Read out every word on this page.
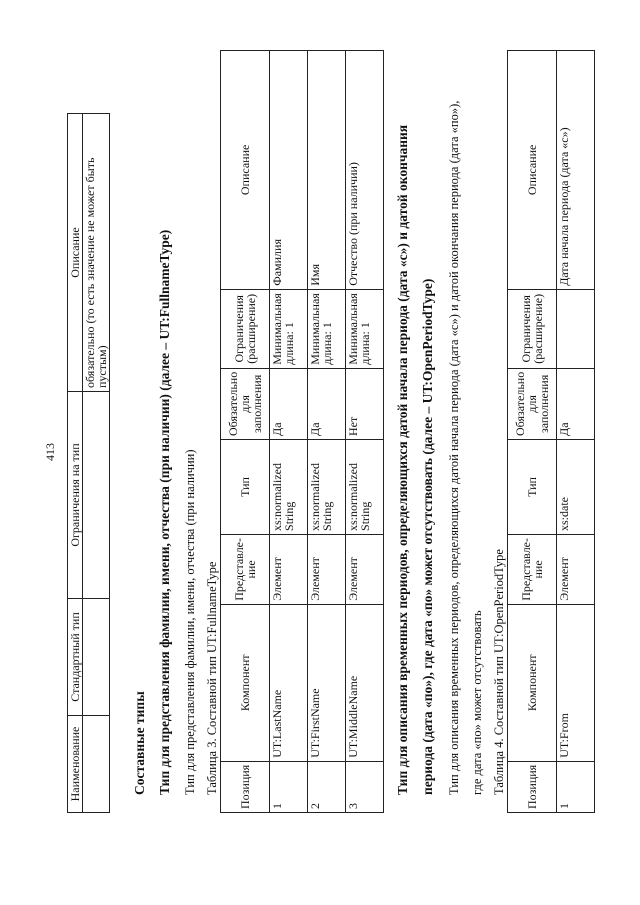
413
Наименование	Стандартный тип	Ограничения на тип	Описание
			обязательно (то есть значение не может быть пустым)
Составные типы Тип для представления фамилии, имени, отчества (при наличии) (далее – UT:FullnameType) Тип для представления фамилии, имени, отчества (при наличии) Таблица 3. Составной тип UT:FullnameType Позиция	Компонент	Представле-ние	Тип	Обязательно для заполнения	Ограничения (расширение)	Описание
1	UT:LastName	Элемент	xs:normalized String	Да	Минимальная длина: 1	Фамилия
2	UT:FirstName	Элемент	xs:normalized String	Да	Минимальная длина: 1	Имя
3	UT:MiddleName	Элемент	xs:normalized String	Нет	Минимальная длина: 1	Отчество (при наличии)	Тип для описания временных периодов, определяющихся датой начала периода (дата «с») и датой окончания периода (дата «по»), где дата «по» может отсутствовать (далее – UT:OpenPeriodType) Тип для описания временных периодов, определяющихся датой начала периода (дата «с») и датой окончания периода (дата «по»), где дата «по» может отсутствовать Таблица 4. Составной тип UT:OpenPeriodType Позиция	Компонент	Представле-ние	Тип	Обязательно для заполнения	Ограничения (расширение)	Описание
1	UT:From	Элемент	xs:date	Да		Дата начала периода (дата «с»)
